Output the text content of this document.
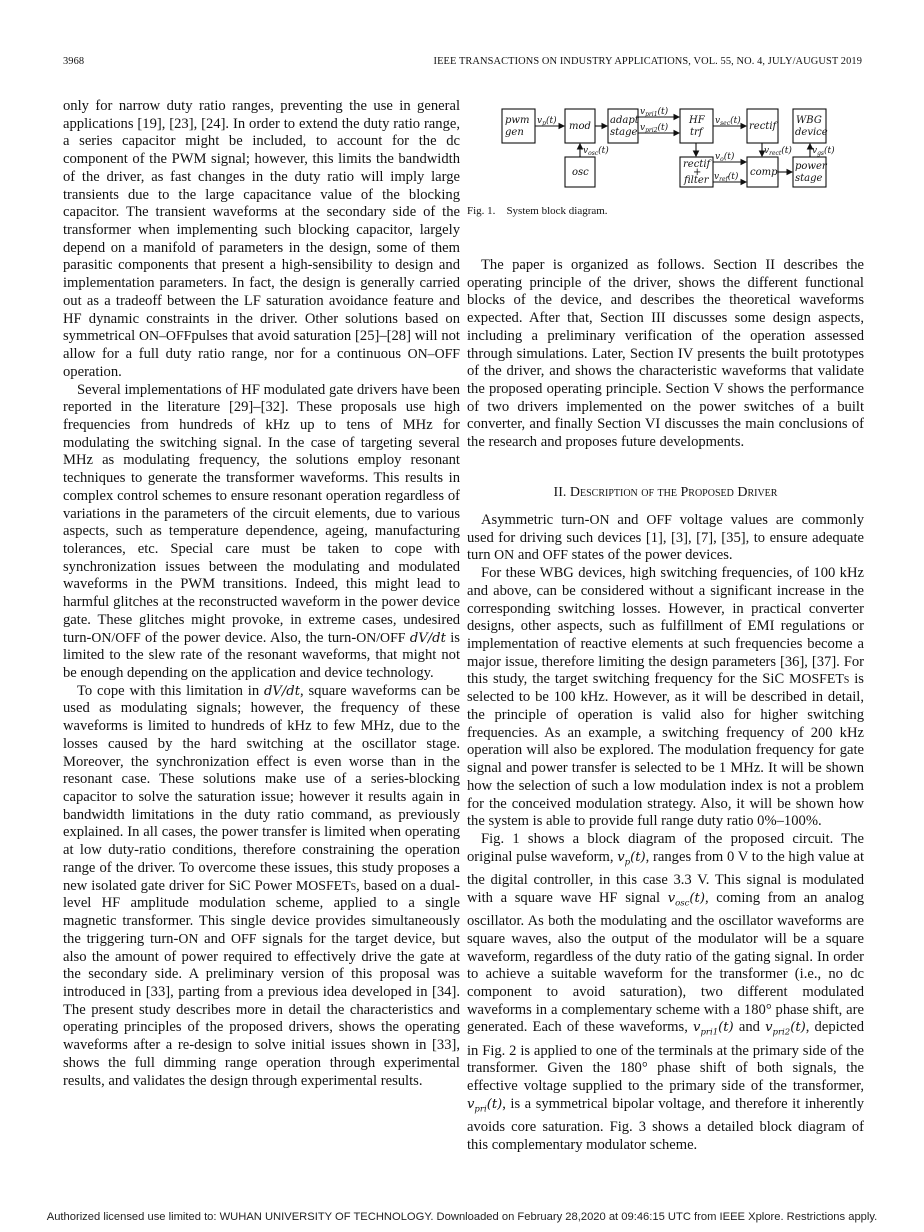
3968	IEEE TRANSACTIONS ON INDUSTRY APPLICATIONS, VOL. 55, NO. 4, JULY/AUGUST 2019

only for narrow duty ratio ranges, preventing the use in general applications [19], [23], [24]. In order to extend the duty ratio range, a series capacitor might be included, to account for the dc component of the PWM signal; however, this limits the bandwidth of the driver, as fast changes in the duty ratio will imply large transients due to the large capacitance value of the blocking capacitor. The transient waveforms at the secondary side of the transformer when implementing such blocking capacitor, largely depend on a manifold of parameters in the design, some of them parasitic components that present a high-sensibility to design and implementation parameters. In fact, the design is generally carried out as a tradeoff between the LF saturation avoidance feature and HF dynamic constraints in the driver. Other solutions based on symmetrical ON–OFFpulses that avoid saturation [25]–[28] will not allow for a full duty ratio range, nor for a continuous ON–OFF operation.

Several implementations of HF modulated gate drivers have been reported in the literature [29]–[32]. These proposals use high frequencies from hundreds of kHz up to tens of MHz for modulating the switching signal. In the case of targeting several MHz as modulating frequency, the solutions employ resonant techniques to generate the transformer waveforms. This results in complex control schemes to ensure resonant operation regardless of variations in the parameters of the circuit elements, due to various aspects, such as temperature dependence, ageing, manufacturing tolerances, etc. Special care must be taken to cope with synchronization issues between the modulating and modulated waveforms in the PWM transitions. Indeed, this might lead to harmful glitches at the reconstructed waveform in the power device gate. These glitches might provoke, in extreme cases, undesired turn-ON/OFF of the power device. Also, the turn-ON/OFF dV/dt is limited to the slew rate of the resonant waveforms, that might not be enough depending on the application and device technology.

To cope with this limitation in dV/dt, square waveforms can be used as modulating signals; however, the frequency of these waveforms is limited to hundreds of kHz to few MHz, due to the losses caused by the hard switching at the oscillator stage. Moreover, the synchronization effect is even worse than in the resonant case. These solutions make use of a series-blocking capacitor to solve the saturation issue; however it results again in bandwidth limitations in the duty ratio command, as previously explained. In all cases, the power transfer is limited when operating at low duty-ratio conditions, therefore constraining the operation range of the driver. To overcome these issues, this study proposes a new isolated gate driver for SiC Power MOSFETs, based on a dual-level HF amplitude modulation scheme, applied to a single magnetic transformer. This single device provides simultaneously the triggering turn-ON and OFF signals for the target device, but also the amount of power required to effectively drive the gate at the secondary side. A preliminary version of this proposal was introduced in [33], parting from a previous idea developed in [34]. The present study describes more in detail the characteristics and operating principles of the proposed drivers, shows the operating waveforms after a re-design to solve initial issues shown in [33], shows the full dimming range operation through experimental results, and validates the design through experimental results.

pwm
gen
mod
adapt
stage
HF
trf
rectif
WBG
device
osc
rectif
+
filter
comp
power
stage
$v_p(t)$
$v_{pri1}(t)$
$v_{pri2}(t)$
$v_{sec}(t)$
$v_{osc}(t)$
$v_o(t)$
$v_{ref}(t)$
$v_{rect}(t)$ $v_{gs}(t)$
Fig. 1. System block diagram.

The paper is organized as follows. Section II describes the operating principle of the driver, shows the different functional blocks of the device, and describes the theoretical waveforms expected. After that, Section III discusses some design aspects, including a preliminary verification of the operation assessed through simulations. Later, Section IV presents the built prototypes of the driver, and shows the characteristic waveforms that validate the proposed operating principle. Section V shows the performance of two drivers implemented on the power switches of a built converter, and finally Section VI discusses the main conclusions of the research and proposes future developments.

II. Description of the Proposed Driver

Asymmetric turn-ON and OFF voltage values are commonly used for driving such devices [1], [3], [7], [35], to ensure adequate turn ON and OFF states of the power devices.

For these WBG devices, high switching frequencies, of 100 kHz and above, can be considered without a significant increase in the corresponding switching losses. However, in practical converter designs, other aspects, such as fulfillment of EMI regulations or implementation of reactive elements at such frequencies become a major issue, therefore limiting the design parameters [36], [37]. For this study, the target switching frequency for the SiC MOSFETs is selected to be 100 kHz. However, as it will be described in detail, the principle of operation is valid also for higher switching frequencies. As an example, a switching frequency of 200 kHz operation will also be explored. The modulation frequency for gate signal and power transfer is selected to be 1 MHz. It will be shown how the selection of such a low modulation index is not a problem for the conceived modulation strategy. Also, it will be shown how the system is able to provide full range duty ratio 0%–100%.

Fig. 1 shows a block diagram of the proposed circuit. The original pulse waveform, $v_p(t)$, ranges from 0 V to the high value at the digital controller, in this case 3.3 V. This signal is modulated with a square wave HF signal $v_{osc}(t)$, coming from an analog oscillator. As both the modulating and the oscillator waveforms are square waves, also the output of the modulator will be a square waveform, regardless of the duty ratio of the gating signal. In order to achieve a suitable waveform for the transformer (i.e., no dc component to avoid saturation), two different modulated waveforms in a complementary scheme with a 180° phase shift, are generated. Each of these waveforms, $v_{pri1}(t)$ and $v_{pri2}(t)$, depicted in Fig. 2 is applied to one of the terminals at the primary side of the transformer. Given the 180° phase shift of both signals, the effective voltage supplied to the primary side of the transformer, $v_{pri}(t)$, is a symmetrical bipolar voltage, and therefore it inherently avoids core saturation. Fig. 3 shows a detailed block diagram of this complementary modulator scheme.

Authorized licensed use limited to: WUHAN UNIVERSITY OF TECHNOLOGY. Downloaded on February 28,2020 at 09:46:15 UTC from IEEE Xplore. Restrictions apply.
